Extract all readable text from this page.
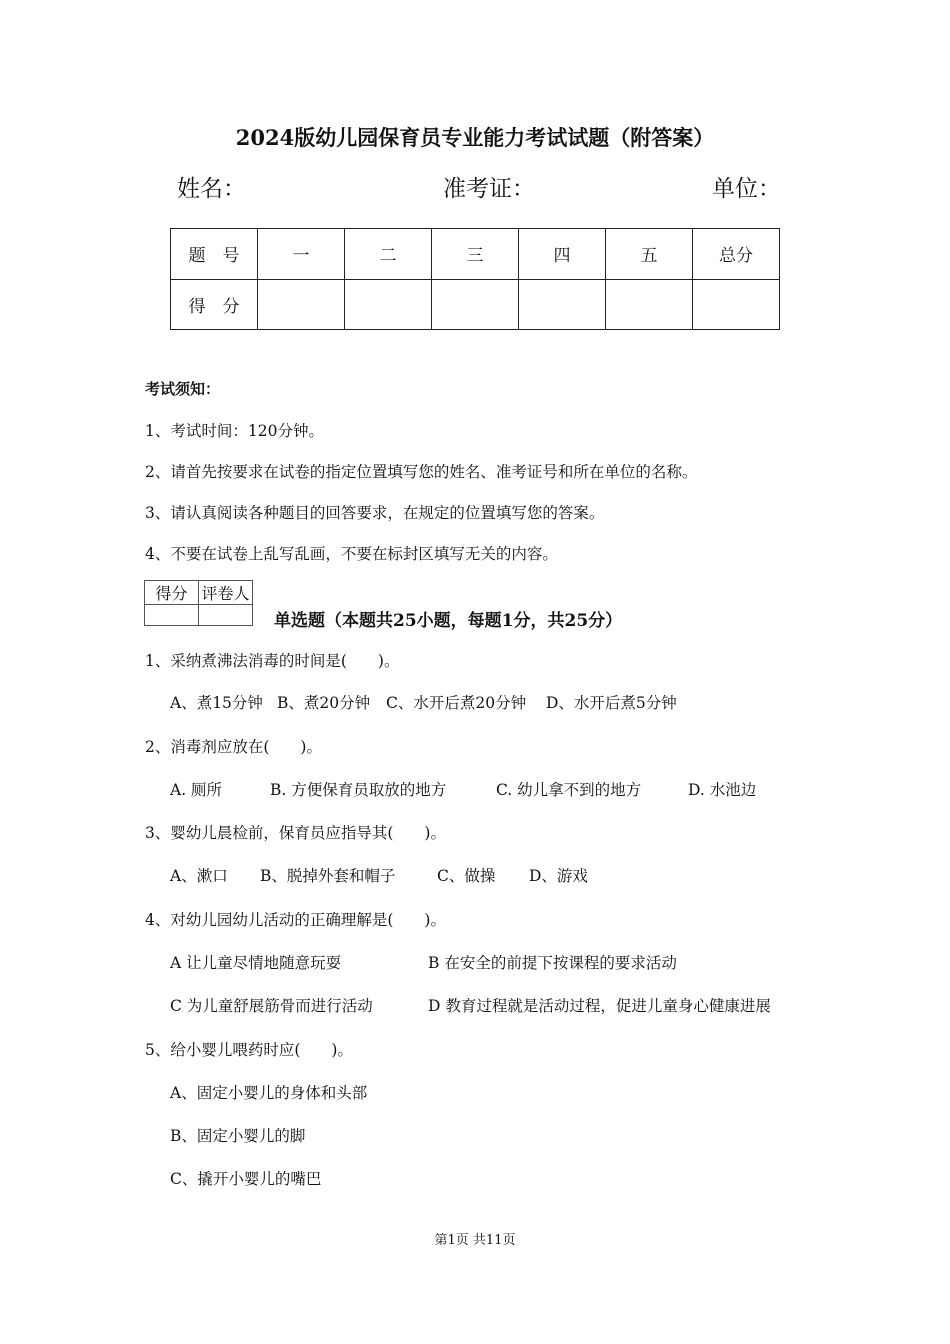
2024版幼儿园保育员专业能力考试试题（附答案）
姓名：	准考证：	单位：
题　号	一	二	三	四	五	总分
得　分						
考试须知：
1、考试时间：120分钟。
2、请首先按要求在试卷的指定位置填写您的姓名、准考证号和所在单位的名称。
3、请认真阅读各种题目的回答要求，在规定的位置填写您的答案。
4、不要在试卷上乱写乱画，不要在标封区填写无关的内容。
得分	评卷人

单选题（本题共25小题，每题1分，共25分）
1、采纳煮沸法消毒的时间是(　　)。
A、煮15分钟 B、煮20分钟 C、水开后煮20分钟 D、水开后煮5分钟
2、消毒剂应放在(　　)。
A. 厕所	B. 方便保育员取放的地方	C. 幼儿拿不到的地方	D. 水池边
3、婴幼儿晨检前，保育员应指导其(　　)。
A、漱口 B、脱掉外套和帽子	C、做操 D、游戏
4、对幼儿园幼儿活动的正确理解是(　　)。
A 让儿童尽情地随意玩耍	B 在安全的前提下按课程的要求活动
C 为儿童舒展筋骨而进行活动	D 教育过程就是活动过程，促进儿童身心健康进展
5、给小婴儿喂药时应(　　)。
A、固定小婴儿的身体和头部
B、固定小婴儿的脚
C、撬开小婴儿的嘴巴
第1页 共11页
